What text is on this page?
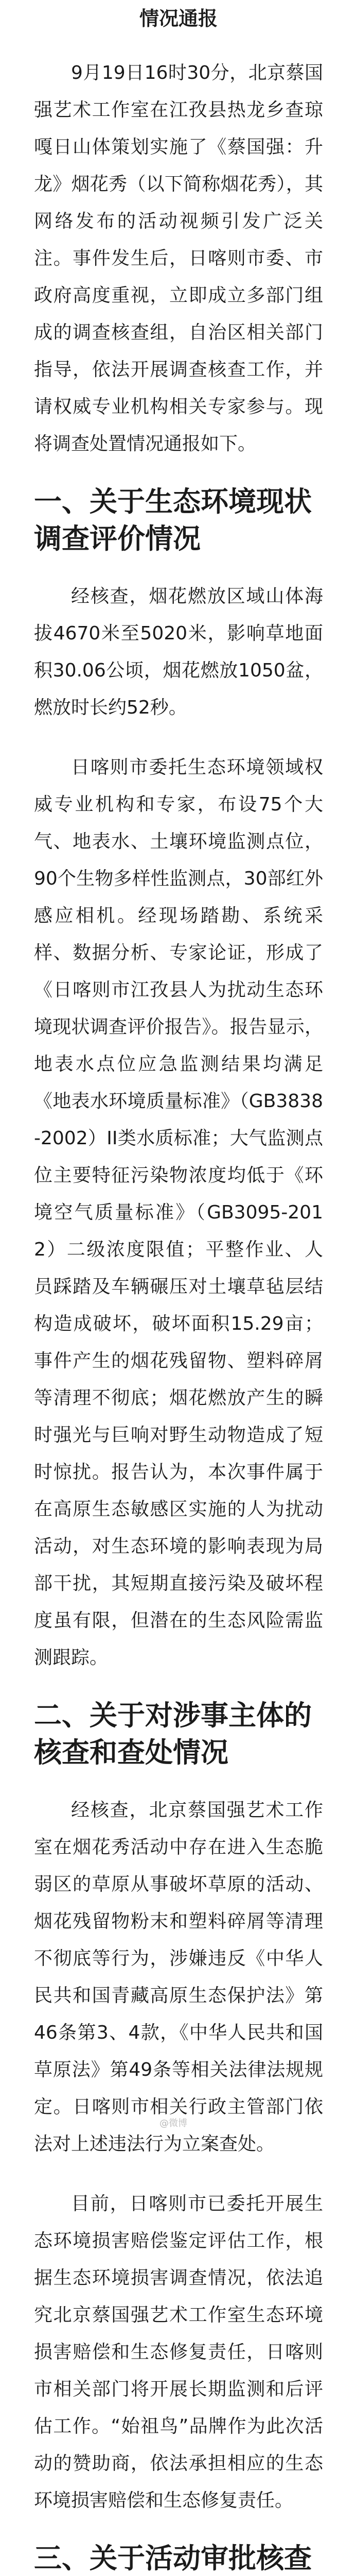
情况通报

9月19日16时30分，北京蔡国强艺术工作室在江孜县热龙乡查琼嘎日山体策划实施了《蔡国强：升龙》烟花秀（以下简称烟花秀），其网络发布的活动视频引发广泛关注。事件发生后，日喀则市委、市政府高度重视，立即成立多部门组成的调查核查组，自治区相关部门指导，依法开展调查核查工作，并请权威专业机构相关专家参与。现将调查处置情况通报如下。

一、关于生态环境现状调查评价情况

经核查，烟花燃放区域山体海拔4670米至5020米，影响草地面积30.06公顷，烟花燃放1050盆，燃放时长约52秒。

日喀则市委托生态环境领域权威专业机构和专家，布设75个大气、地表水、土壤环境监测点位，90个生物多样性监测点，30部红外感应相机。经现场踏勘、系统采样、数据分析、专家论证，形成了《日喀则市江孜县人为扰动生态环境现状调查评价报告》。报告显示，地表水点位应急监测结果均满足《地表水环境质量标准》（GB3838-2002）II类水质标准；大气监测点位主要特征污染物浓度均低于《环境空气质量标准》（GB3095-2012）二级浓度限值；平整作业、人员踩踏及车辆碾压对土壤草毡层结构造成破坏，破坏面积15.29亩；事件产生的烟花残留物、塑料碎屑等清理不彻底；烟花燃放产生的瞬时强光与巨响对野生动物造成了短时惊扰。报告认为，本次事件属于在高原生态敏感区实施的人为扰动活动，对生态环境的影响表现为局部干扰，其短期直接污染及破坏程度虽有限，但潜在的生态风险需监测跟踪。

二、关于对涉事主体的核查和查处情况

经核查，北京蔡国强艺术工作室在烟花秀活动中存在进入生态脆弱区的草原从事破坏草原的活动、烟花残留物粉末和塑料碎屑等清理不彻底等行为，涉嫌违反《中华人民共和国青藏高原生态保护法》第46条第3、4款，《中华人民共和国草原法》第49条等相关法律法规规定。日喀则市相关行政主管部门依法对上述违法行为立案查处。

目前，日喀则市已委托开展生态环境损害赔偿鉴定评估工作，根据生态环境损害调查情况，依法追究北京蔡国强艺术工作室生态环境损害赔偿和生态修复责任，日喀则市相关部门将开展长期监测和后评估工作。“始祖鸟”品牌作为此次活动的赞助商，依法承担相应的生态环境损害赔偿和生态修复责任。

三、关于活动审批核查

@微博
